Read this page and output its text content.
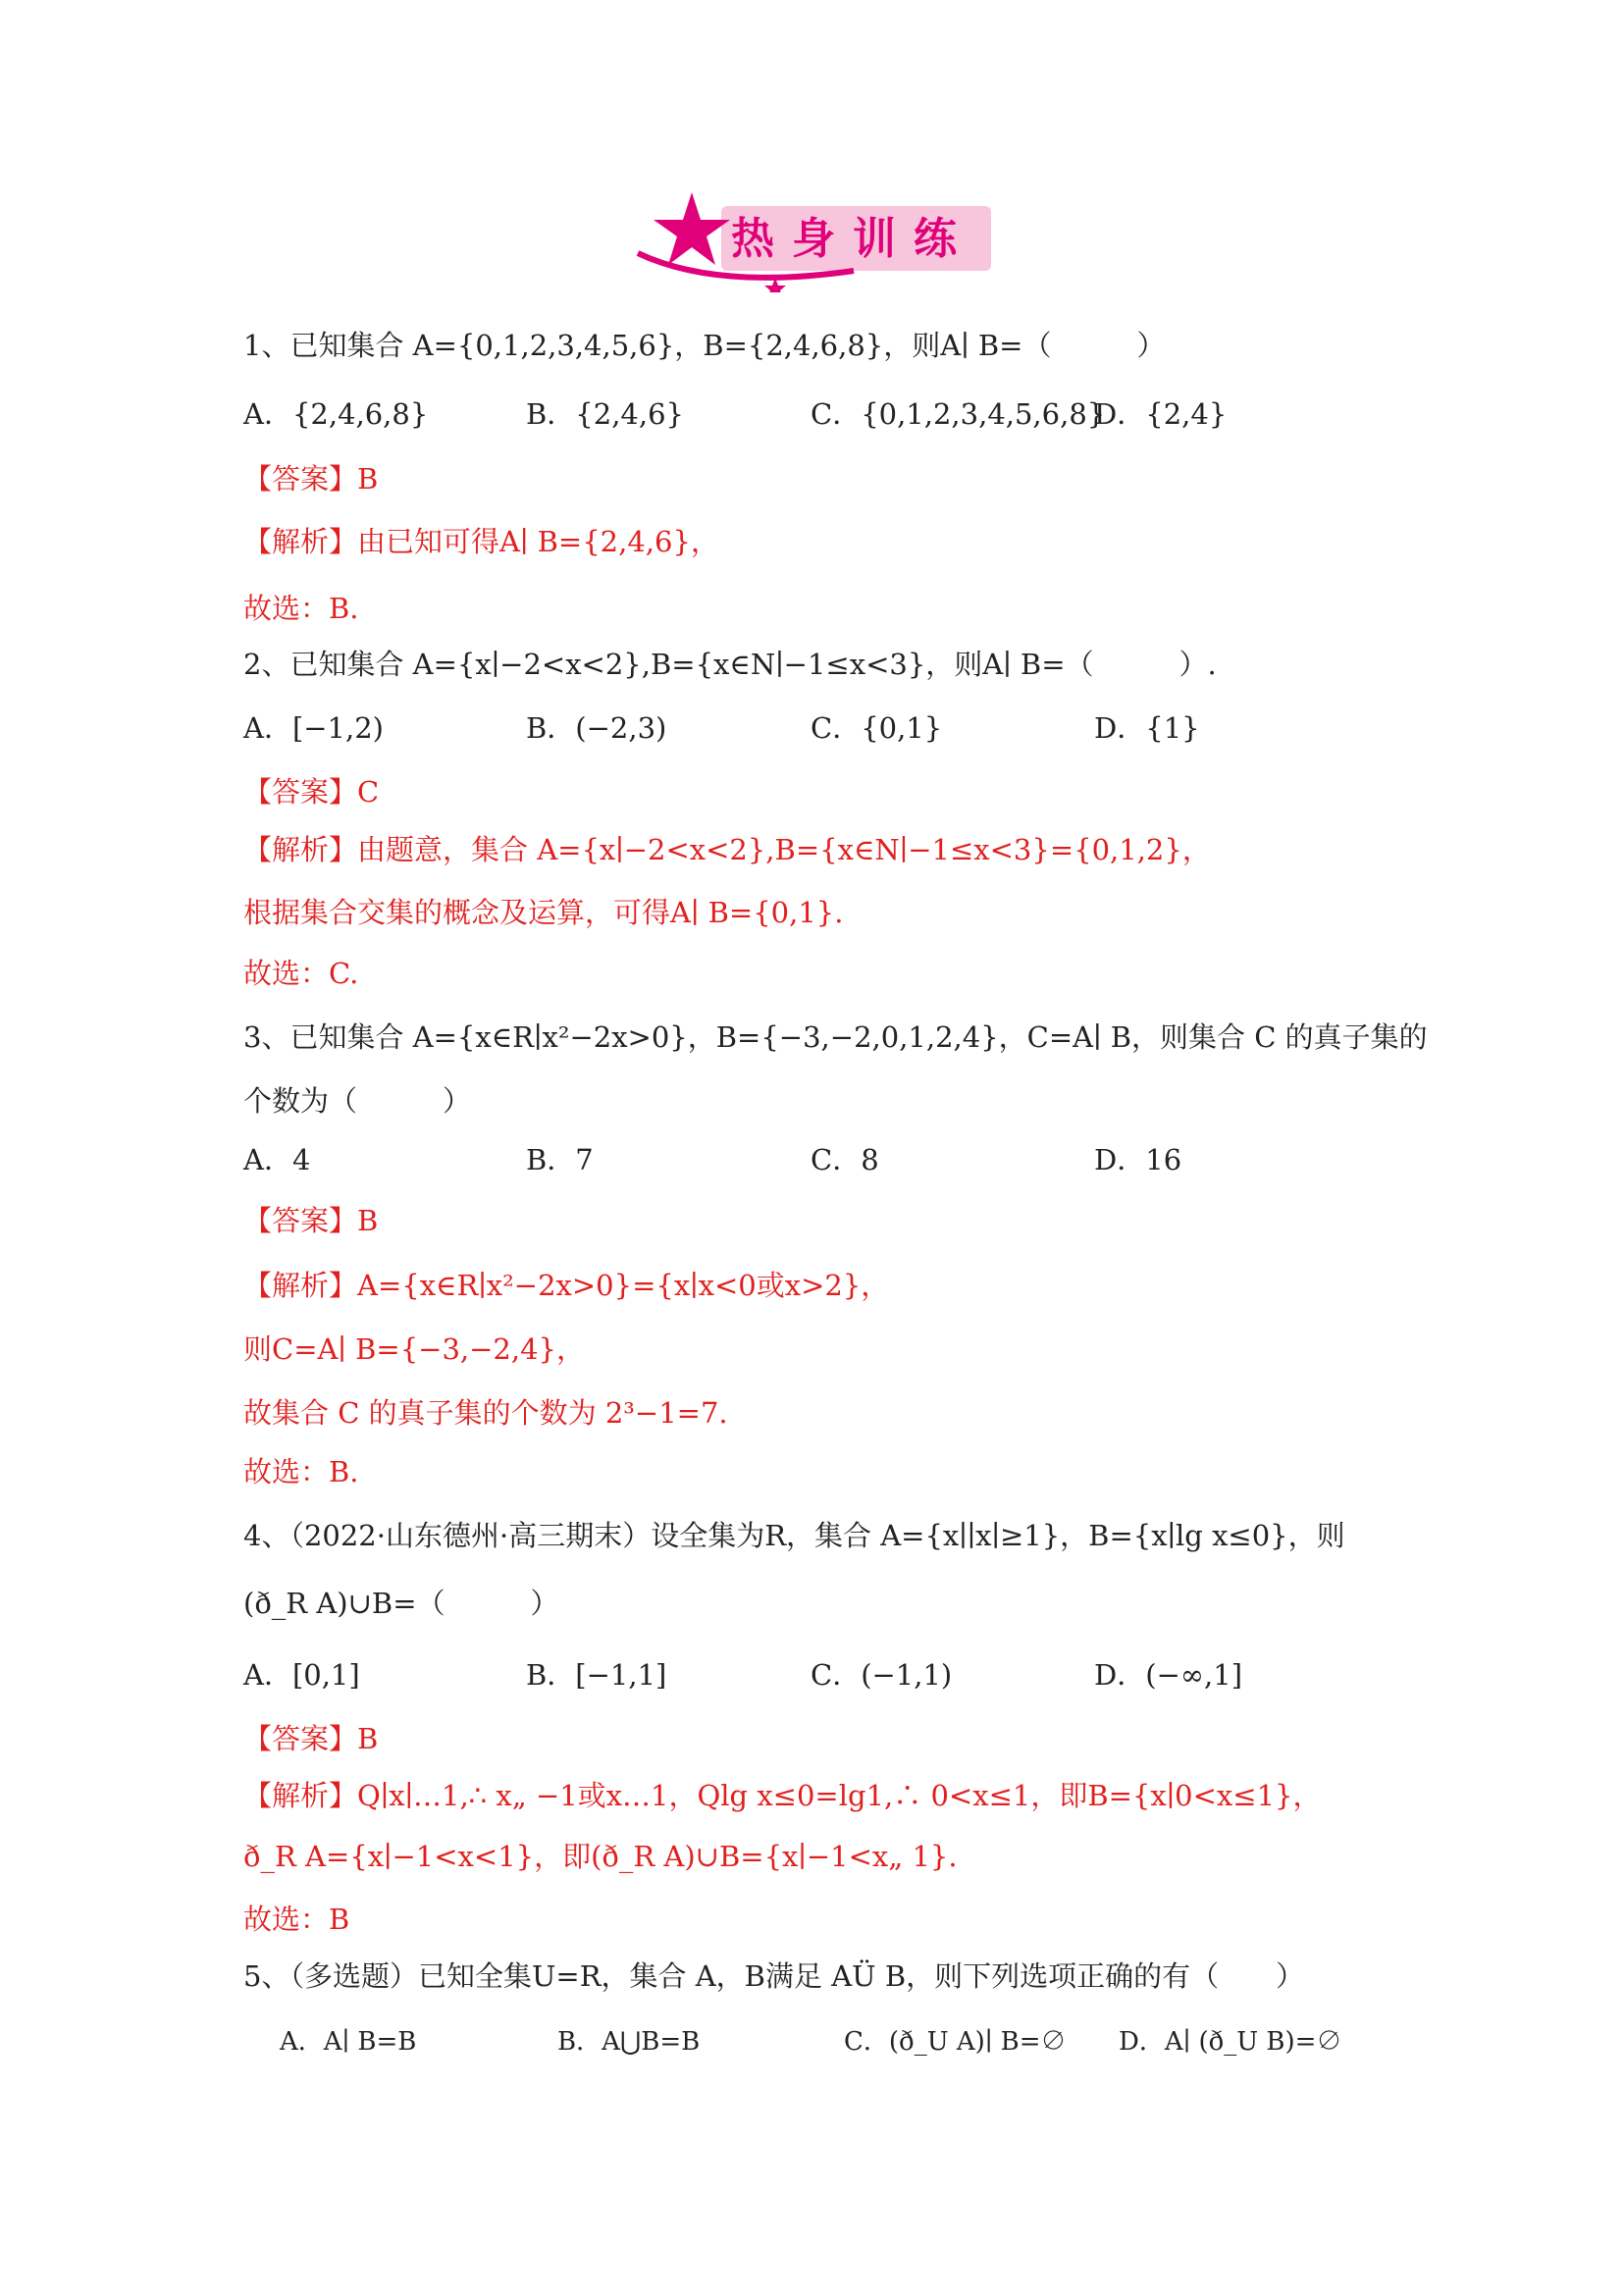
热身训练
1、已知集合 A={0,1,2,3,4,5,6}，B={2,4,6,8}，则A∣ B=（　　　）
A．{2,4,6,8}	B．{2,4,6}	C．{0,1,2,3,4,5,6,8}
D．{2,4}
【答案】B
【解析】由已知可得A∣ B={2,4,6}，
故选：B.
2、已知集合 A={x∣−2<x<2},B={x∈N∣−1≤x<3}，则A∣ B=（　　　）.
A．[−1,2)	B．(−2,3)	C．{0,1}	D．{1}
【答案】C
【解析】由题意，集合 A={x∣−2<x<2},B={x∈N∣−1≤x<3}={0,1,2}，
根据集合交集的概念及运算，可得A∣ B={0,1}.
故选：C.
3、已知集合 A={x∈R∣x²−2x>0}，B={−3,−2,0,1,2,4}，C=A∣ B，则集合 C 的真子集的
个数为（　　　）
A．4	B．7	C．8	D．16
【答案】B
【解析】A={x∈R∣x²−2x>0}={x∣x<0或x>2}，
则C=A∣ B={−3,−2,4}，
故集合 C 的真子集的个数为 2³−1=7.
故选：B.
4、（2022·山东德州·高三期末）设全集为R，集合 A={x∣∣x∣≥1}，B={x∣lg x≤0}，则
(ð_R A)∪B=（　　　）
A．[0,1]	B．[−1,1]	C．(−1,1)	D．(−∞,1]
【答案】B
【解析】Q∣x∣…1,∴ x„ −1或x…1，Qlg x≤0=lg1,∴ 0<x≤1，即B={x∣0<x≤1}，
ð_R A={x∣−1<x<1}，即(ð_R A)∪B={x∣−1<x„ 1}.
故选：B
5、（多选题）已知全集U=R，集合 A，B满足 AÜ B，则下列选项正确的有（　　）
A．A∣ B=B	B．A⋃B=B	C．(ð_U A)∣ B=∅ D．A∣ (ð_U B)=∅
